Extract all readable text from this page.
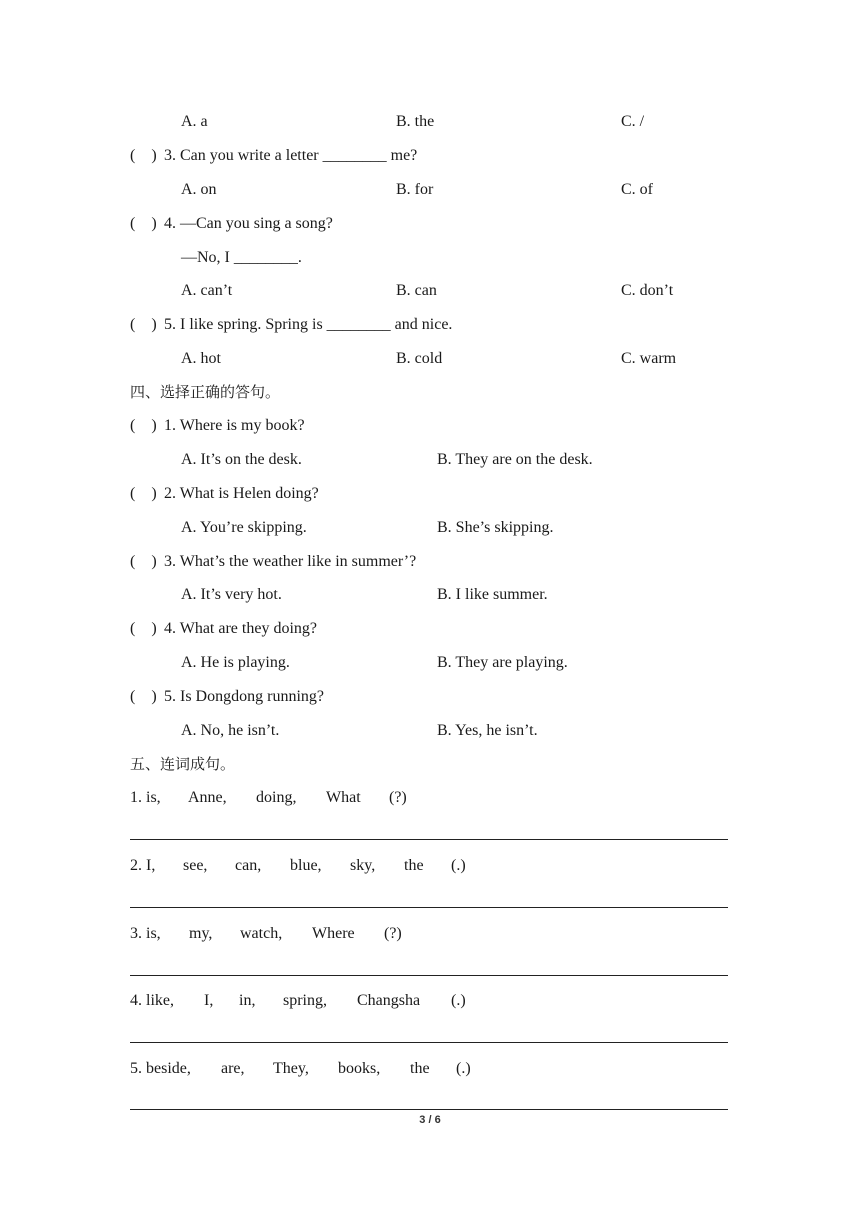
A. a	B. the	C. /
(    ) 3. Can you write a letter ________ me?
A. on	B. for	C. of
(    ) 4. —Can you sing a song?
—No, I ________.
A. can’t	B. can	C. don’t
(    ) 5. I like spring. Spring is ________ and nice.
A. hot	B. cold	C. warm
四、选择正确的答句。
(    ) 1. Where is my book?
A. It’s on the desk.	B. They are on the desk.
(    ) 2. What is Helen doing?
A. You’re skipping.	B. She’s skipping.
(    ) 3. What’s the weather like in summer’?
A. It’s very hot.	B. I like summer.
(    ) 4. What are they doing?
A. He is playing.	B. They are playing.
(    ) 5. Is Dongdong running?
A. No, he isn’t.	B. Yes, he isn’t.
五、连词成句。
1. is, Anne, doing, What (?)
2. I, see, can, blue, sky, the (.)
3. is, my, watch, Where (?)
4. like, I, in, spring, Changsha (.)
5. beside, are, They, books, the (.)
3 / 6
